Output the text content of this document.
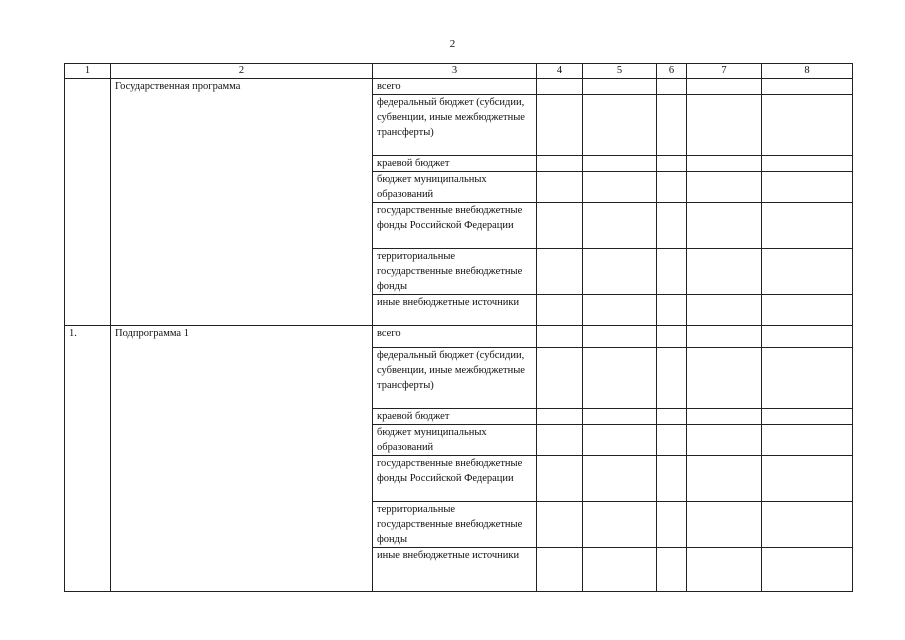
2
1	2	3	4	5	6	7	8
	Государственная программа	всего					
		федеральный бюджет (субсидии, субвенции, иные межбюджетные трансферты)					
		краевой бюджет					
		бюджет муниципальных образований					
		государственные внебюджетные фонды Российской Федерации					
		территориальные государственные внебюджетные фонды					
		иные внебюджетные источники					
1.	Подпрограмма 1	всего					
		федеральный бюджет (субсидии, субвенции, иные межбюджетные трансферты)					
		краевой бюджет					
		бюджет муниципальных образований					
		государственные внебюджетные фонды Российской Федерации					
		территориальные государственные внебюджетные фонды					
		иные внебюджетные источники					
